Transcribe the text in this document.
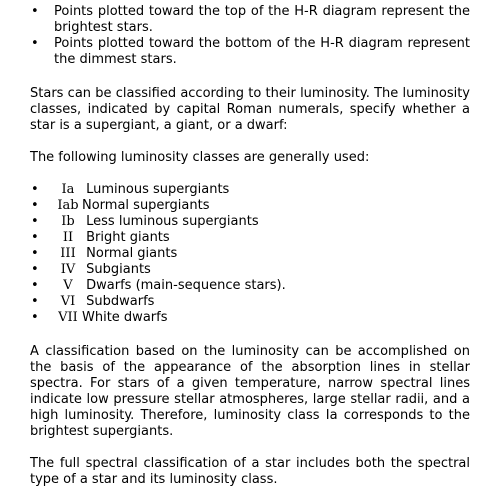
• Points plotted toward the top of the H-R diagram represent the brightest stars.
• Points plotted toward the bottom of the H-R diagram represent the dimmest stars.

Stars can be classified according to their luminosity. The luminosity classes, indicated by capital Roman numerals, specify whether a star is a supergiant, a giant, or a dwarf:

The following luminosity classes are generally used:

• Ia Luminous supergiants
• Iab Normal supergiants
• Ib Less luminous supergiants
• II Bright giants
• III Normal giants
• IV Subgiants
• V Dwarfs (main-sequence stars).
• VI Subdwarfs
• VII White dwarfs

A classification based on the luminosity can be accomplished on the basis of the appearance of the absorption lines in stellar spectra. For stars of a given temperature, narrow spectral lines indicate low pressure stellar atmospheres, large stellar radii, and a high luminosity. Therefore, luminosity class Ia corresponds to the brightest supergiants.

The full spectral classification of a star includes both the spectral type of a star and its luminosity class.
